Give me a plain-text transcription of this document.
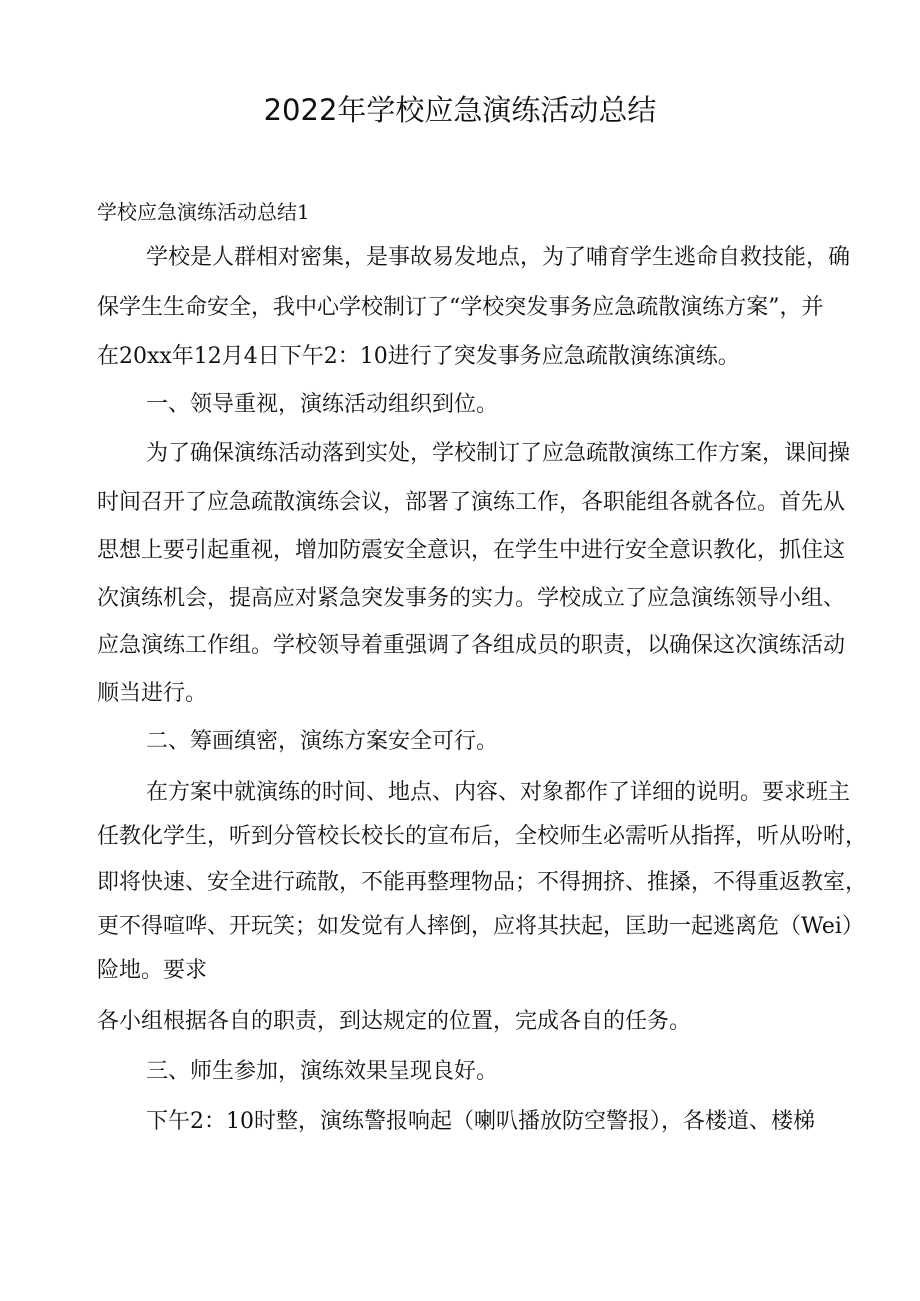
2022年学校应急演练活动总结
学校应急演练活动总结1
学校是人群相对密集，是事故易发地点，为了哺育学生逃命自救技能，确
保学生生命安全，我中心学校制订了“学校突发事务应急疏散演练方案”，并
在20xx年12月4日下午2：10进行了突发事务应急疏散演练演练。
一、领导重视，演练活动组织到位。
为了确保演练活动落到实处，学校制订了应急疏散演练工作方案，课间操
时间召开了应急疏散演练会议，部署了演练工作，各职能组各就各位。首先从
思想上要引起重视，增加防震安全意识，在学生中进行安全意识教化，抓住这
次演练机会，提高应对紧急突发事务的实力。学校成立了应急演练领导小组、
应急演练工作组。学校领导着重强调了各组成员的职责，以确保这次演练活动
顺当进行。
二、筹画缜密，演练方案安全可行。
在方案中就演练的时间、地点、内容、对象都作了详细的说明。要求班主
任教化学生，听到分管校长校长的宣布后，全校师生必需听从指挥，听从吩咐，
即将快速、安全进行疏散，不能再整理物品；不得拥挤、推搡，不得重返教室，
更不得喧哗、开玩笑；如发觉有人摔倒，应将其扶起，匡助一起逃离危（Wei）
险地。要求
各小组根据各自的职责，到达规定的位置，完成各自的任务。
三、师生参加，演练效果呈现良好。
下午2：10时整，演练警报响起（喇叭播放防空警报），各楼道、楼梯
